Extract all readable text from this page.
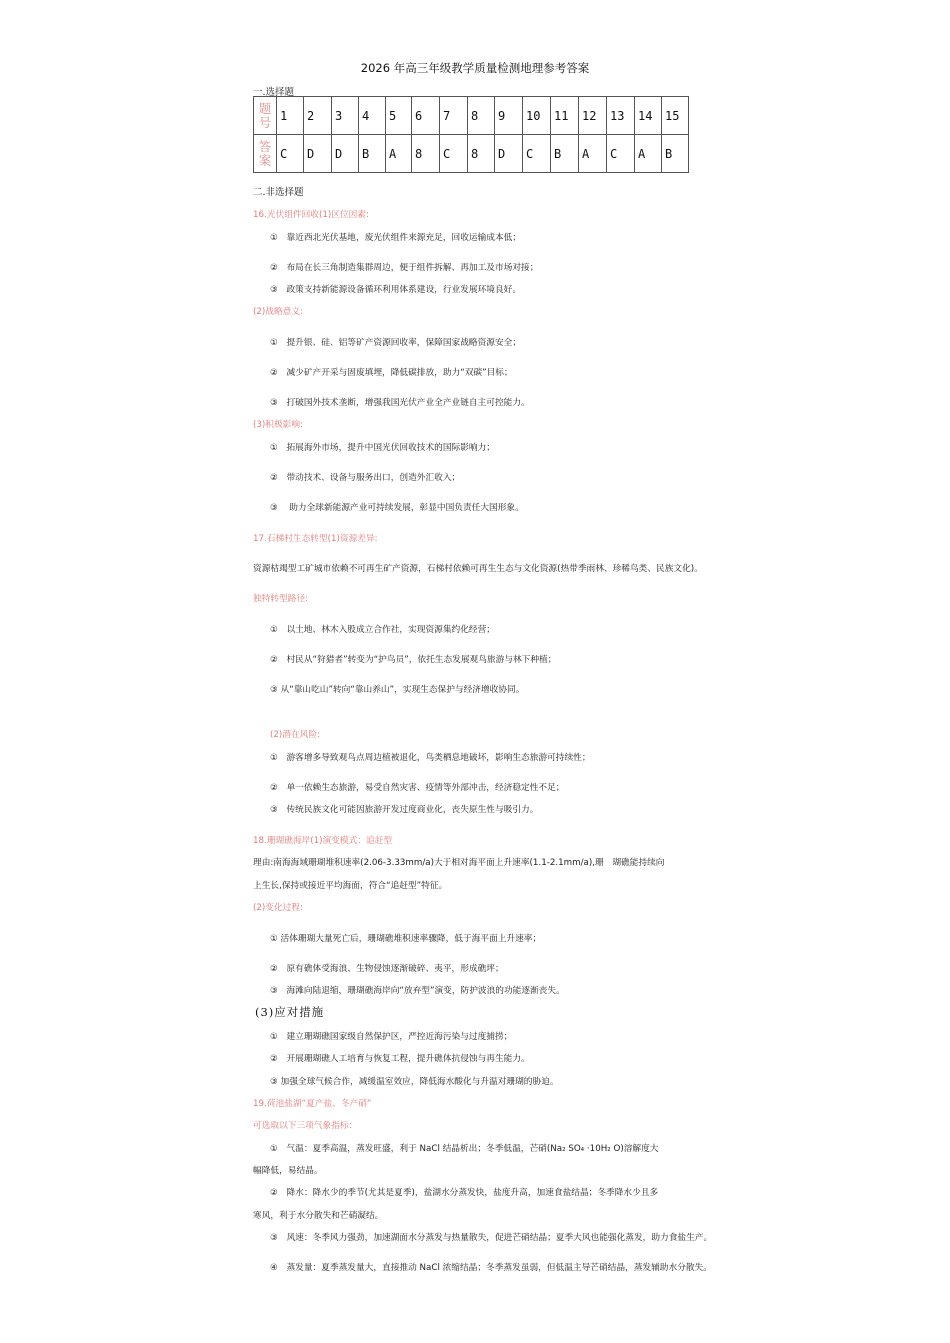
2026 年高三年级教学质量检测地理参考答案
一.选择题
题
号	1	2	3	4	5	6	7	8	9	10	11	12	13	14	15
答
案	C	D	D	B	A	8	C	8	D	C	B	A	C	A	B
二.非选择题
16.光伏组件回收(1)区位因素:
①　靠近西北光伏基地，废光伏组件来源充足，回收运输成本低；
②　布局在长三角制造集群周边，便于组件拆解、再加工及市场对接；
③　政策支持新能源设备循环利用体系建设，行业发展环境良好。
(2)战略意义:
①　提升银、硅、铝等矿产资源回收率，保障国家战略资源安全；
②　减少矿产开采与固废填埋，降低碳排放，助力“双碳”目标；
③　打破国外技术垄断，增强我国光伏产业全产业链自主可控能力。
(3)积极影响:
①　拓展海外市场，提升中国光伏回收技术的国际影响力；
②　带动技术、设备与服务出口，创造外汇收入；
③　 助力全球新能源产业可持续发展，彰显中国负责任大国形象。
17.石梯村生态转型(1)资源差异:
资源枯竭型工矿城市依赖不可再生矿产资源，石梯村依赖可再生生态与文化资源(热带季雨林、珍稀鸟类、民族文化)。
独特转型路径:
①　以土地、林木入股成立合作社，实现资源集约化经营；
②　村民从“狩猎者”转变为“护鸟员”，依托生态发展观鸟旅游与林下种植；
③ 从“靠山吃山”转向“靠山养山”，实现生态保护与经济增收协同。
(2)潜在风险:
①　游客增多导致观鸟点周边植被退化，鸟类栖息地破坏，影响生态旅游可持续性；
②　单一依赖生态旅游，易受自然灾害、疫情等外部冲击，经济稳定性不足；
③　传统民族文化可能因旅游开发过度商业化，丧失原生性与吸引力。
18.珊瑚礁海岸(1)演变模式：追赶型
理由:南海海域珊瑚堆积速率(2.06-3.33mm/a)大于相对海平面上升速率(1.1-2.1mm/a),珊　瑚礁能持续向
上生长,保持或接近平均海面，符合“追赶型”特征。
(2)变化过程:
① 活体珊瑚大量死亡后，珊瑚礁堆积速率骤降，低于海平面上升速率；
②　原有礁体受海浪、生物侵蚀逐渐破碎、夷平，形成礁坪；
③　海滩向陆退缩，珊瑚礁海岸向“放弃型”演变，防护波浪的功能逐渐丧失。
(3)应对措施
①　建立珊瑚礁国家级自然保护区，严控近海污染与过度捕捞；
②　开展珊瑚礁人工培育与恢复工程，提升礁体抗侵蚀与再生能力。
③ 加强全球气候合作，减缓温室效应，降低海水酸化与升温对珊瑚的胁迫。
19.荷池盐湖“夏产盐、冬产硝”
可选取以下三项气象指标：
①　气温：夏季高温，蒸发旺盛，利于 NaCl 结晶析出；冬季低温，芒硝(Na₂ SO₄ ·10H₂ O)溶解度大
幅降低，易结晶。
②　降水：降水少的季节(尤其是夏季)，盐湖水分蒸发快，盐度升高，加速食盐结晶；冬季降水少且多
寒风，利于水分散失和芒硝凝结。
③　风速：冬季风力强劲，加速湖面水分蒸发与热量散失，促进芒硝结晶；夏季大风也能强化蒸发，助力食盐生产。
④　蒸发量：夏季蒸发量大，直接推动 NaCl 浓缩结晶；冬季蒸发虽弱，但低温主导芒硝结晶，蒸发辅助水分散失。
